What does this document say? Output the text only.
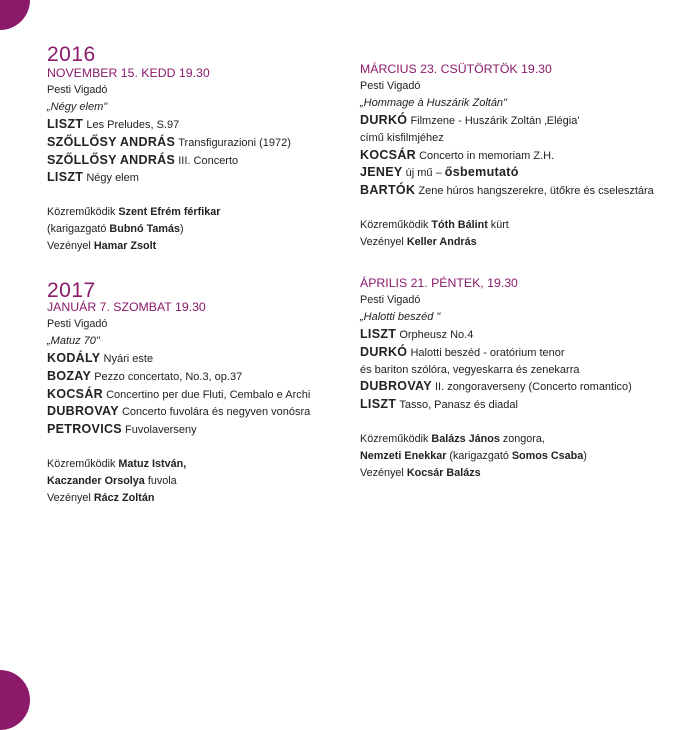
2016
NOVEMBER 15. KEDD 19.30
Pesti Vigadó
„Négy elem"
LISZT Les Preludes, S.97
SZŐLLŐSY ANDRÁS Transfigurazioni (1972)
SZŐLLŐSY ANDRÁS III. Concerto
LISZT Négy elem
Közreműködik Szent Efrém férfikar
(karigazgató Bubnó Tamás)
Vezényel Hamar Zsolt
2017
JANUÁR 7. SZOMBAT 19.30
Pesti Vigadó
„Matuz 70"
KODÁLY Nyári este
BOZAY Pezzo concertato, No.3, op.37
KOCSÁR Concertino per due Fluti, Cembalo e Archi
DUBROVAY Concerto fuvolára és negyven vonósra
PETROVICS Fuvolaverseny
Közreműködik Matuz István,
Kaczander Orsolya fuvola
Vezényel Rácz Zoltán
MÁRCIUS 23. CSÜTÖRTÖK 19.30
Pesti Vigadó
„Hommage à Huszárik Zoltán"
DURKÓ Filmzene - Huszárik Zoltán ‚Elégia'
című kisfilmjéhez
KOCSÁR Concerto in memoriam Z.H.
JENEY új mű – ősbemutató
BARTÓK Zene húros hangszerekre, ütőkre és cselesztára
Közreműködik Tóth Bálint kürt
Vezényel Keller András
ÁPRILIS 21. PÉNTEK, 19.30
Pesti Vigadó
„Halotti beszéd "
LISZT Orpheusz No.4
DURKÓ Halotti beszéd - oratórium tenor
és bariton szólóra, vegyeskarra és zenekarra
DUBROVAY II. zongoraverseny (Concerto romantico)
LISZT Tasso, Panasz és diadal
Közreműködik Balázs János zongora,
Nemzeti Enekkar (karigazgató Somos Csaba)
Vezényel Kocsár Balázs
